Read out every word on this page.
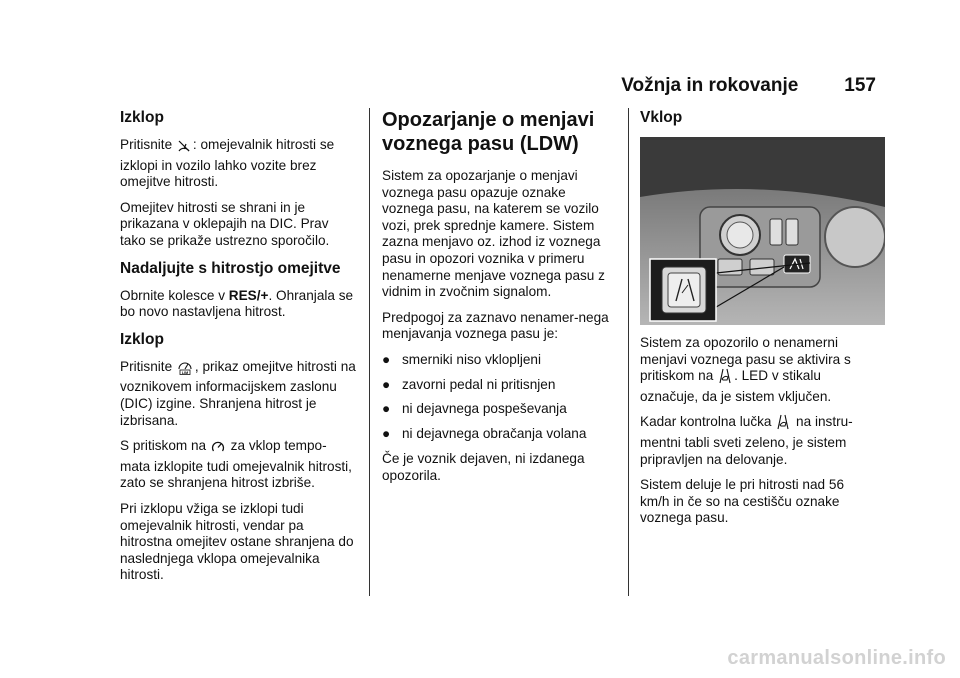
Vožnja in rokovanje 157
Izklop

Pritisnite : omejevalnik hitrosti se izklopi in vozilo lahko vozite brez omejitve hitrosti.

Omejitev hitrosti se shrani in je prikazana v oklepajih na DIC. Prav tako se prikaže ustrezno sporočilo.

Nadaljujte s hitrostjo omejitve

Obrnite kolesce v RES/+. Ohranjala se bo novo nastavljena hitrost.

Izklop

Pritisnite LIM , prikaz omejitve hitrosti na voznikovem informacijskem zaslonu (DIC) izgine. Shranjena hitrost je izbrisana.

S pritiskom na  za vklop tempo-mata izklopite tudi omejevalnik hitrosti, zato se shranjena hitrost izbriše.

Pri izklopu vžiga se izklopi tudi omejevalnik hitrosti, vendar pa hitrostna omejitev ostane shranjena do naslednjega vklopa omejevalnika hitrosti.

Opozarjanje o menjavi voznega pasu (LDW)

Sistem za opozarjanje o menjavi voznega pasu opazuje oznake voznega pasu, na katerem se vozilo vozi, prek sprednje kamere. Sistem zazna menjavo oz. izhod iz voznega pasu in opozori voznika v primeru nenamerne menjave voznega pasu z vidnim in zvočnim signalom.

Predpogoj za zaznavo nenamer-nega menjavanja voznega pasu je:

● smerniki niso vklopljeni
● zavorni pedal ni pritisnjen
● ni dejavnega pospeševanja
● ni dejavnega obračanja volana

Če je voznik dejaven, ni izdanega opozorila.

Vklop

Sistem za opozorilo o nenamerni menjavi voznega pasu se aktivira s pritiskom na . LED v stikalu označuje, da je sistem vključen.

Kadar kontrolna lučka  na instru-mentni tabli sveti zeleno, je sistem pripravljen na delovanje.

Sistem deluje le pri hitrosti nad 56 km/h in če so na cestišču oznake voznega pasu.

carmanualsonline.info
